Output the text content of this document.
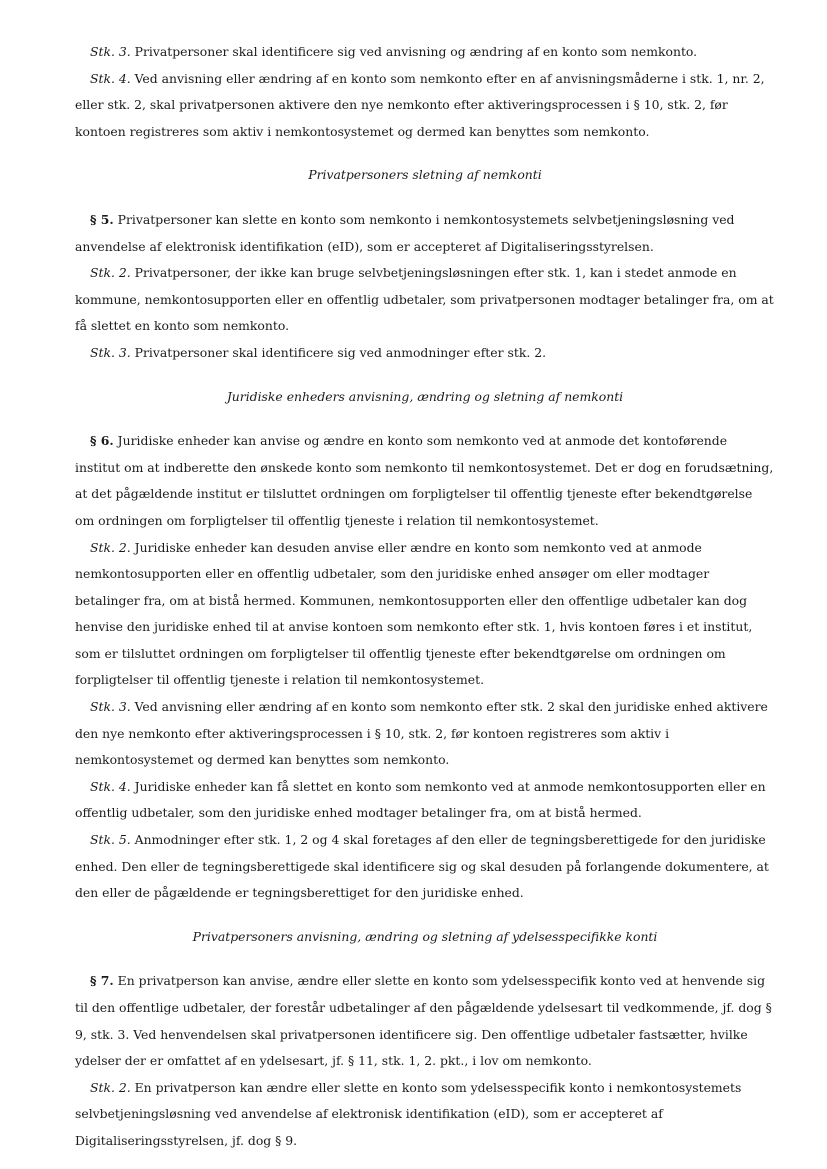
Stk. 3. Privatpersoner skal identificere sig ved anvisning og ændring af en konto som nemkonto.

Stk. 4. Ved anvisning eller ændring af en konto som nemkonto efter en af anvisningsmåderne i stk. 1, nr. 2, eller stk. 2, skal privatpersonen aktivere den nye nemkonto efter aktiveringsprocessen i § 10, stk. 2, før kontoen registreres som aktiv i nemkontosystemet og dermed kan benyttes som nemkonto.

Privatpersoners sletning af nemkonti

§ 5. Privatpersoner kan slette en konto som nemkonto i nemkontosystemets selvbetjeningsløsning ved anvendelse af elektronisk identifikation (eID), som er accepteret af Digitaliseringsstyrelsen.

Stk. 2. Privatpersoner, der ikke kan bruge selvbetjeningsløsningen efter stk. 1, kan i stedet anmode en kommune, nemkontosupporten eller en offentlig udbetaler, som privatpersonen modtager betalinger fra, om at få slettet en konto som nemkonto.

Stk. 3. Privatpersoner skal identificere sig ved anmodninger efter stk. 2.

Juridiske enheders anvisning, ændring og sletning af nemkonti

§ 6. Juridiske enheder kan anvise og ændre en konto som nemkonto ved at anmode det kontoførende institut om at indberette den ønskede konto som nemkonto til nemkontosystemet. Det er dog en forudsætning, at det pågældende institut er tilsluttet ordningen om forpligtelser til offentlig tjeneste efter bekendtgørelse om ordningen om forpligtelser til offentlig tjeneste i relation til nemkontosystemet.

Stk. 2. Juridiske enheder kan desuden anvise eller ændre en konto som nemkonto ved at anmode nemkontosupporten eller en offentlig udbetaler, som den juridiske enhed ansøger om eller modtager betalinger fra, om at bistå hermed. Kommunen, nemkontosupporten eller den offentlige udbetaler kan dog henvise den juridiske enhed til at anvise kontoen som nemkonto efter stk. 1, hvis kontoen føres i et institut, som er tilsluttet ordningen om forpligtelser til offentlig tjeneste efter bekendtgørelse om ordningen om forpligtelser til offentlig tjeneste i relation til nemkontosystemet.

Stk. 3. Ved anvisning eller ændring af en konto som nemkonto efter stk. 2 skal den juridiske enhed aktivere den nye nemkonto efter aktiveringsprocessen i § 10, stk. 2, før kontoen registreres som aktiv i nemkontosystemet og dermed kan benyttes som nemkonto.

Stk. 4. Juridiske enheder kan få slettet en konto som nemkonto ved at anmode nemkontosupporten eller en offentlig udbetaler, som den juridiske enhed modtager betalinger fra, om at bistå hermed.

Stk. 5. Anmodninger efter stk. 1, 2 og 4 skal foretages af den eller de tegningsberettigede for den juridiske enhed. Den eller de tegningsberettigede skal identificere sig og skal desuden på forlangende dokumentere, at den eller de pågældende er tegningsberettiget for den juridiske enhed.

Privatpersoners anvisning, ændring og sletning af ydelsesspecifikke konti

§ 7. En privatperson kan anvise, ændre eller slette en konto som ydelsesspecifik konto ved at henvende sig til den offentlige udbetaler, der forestår udbetalinger af den pågældende ydelsesart til vedkommende, jf. dog § 9, stk. 3. Ved henvendelsen skal privatpersonen identificere sig. Den offentlige udbetaler fastsætter, hvilke ydelser der er omfattet af en ydelsesart, jf. § 11, stk. 1, 2. pkt., i lov om nemkonto.

Stk. 2. En privatperson kan ændre eller slette en konto som ydelsesspecifik konto i nemkontosystemets selvbetjeningsløsning ved anvendelse af elektronisk identifikation (eID), som er accepteret af Digitaliseringsstyrelsen, jf. dog § 9.
